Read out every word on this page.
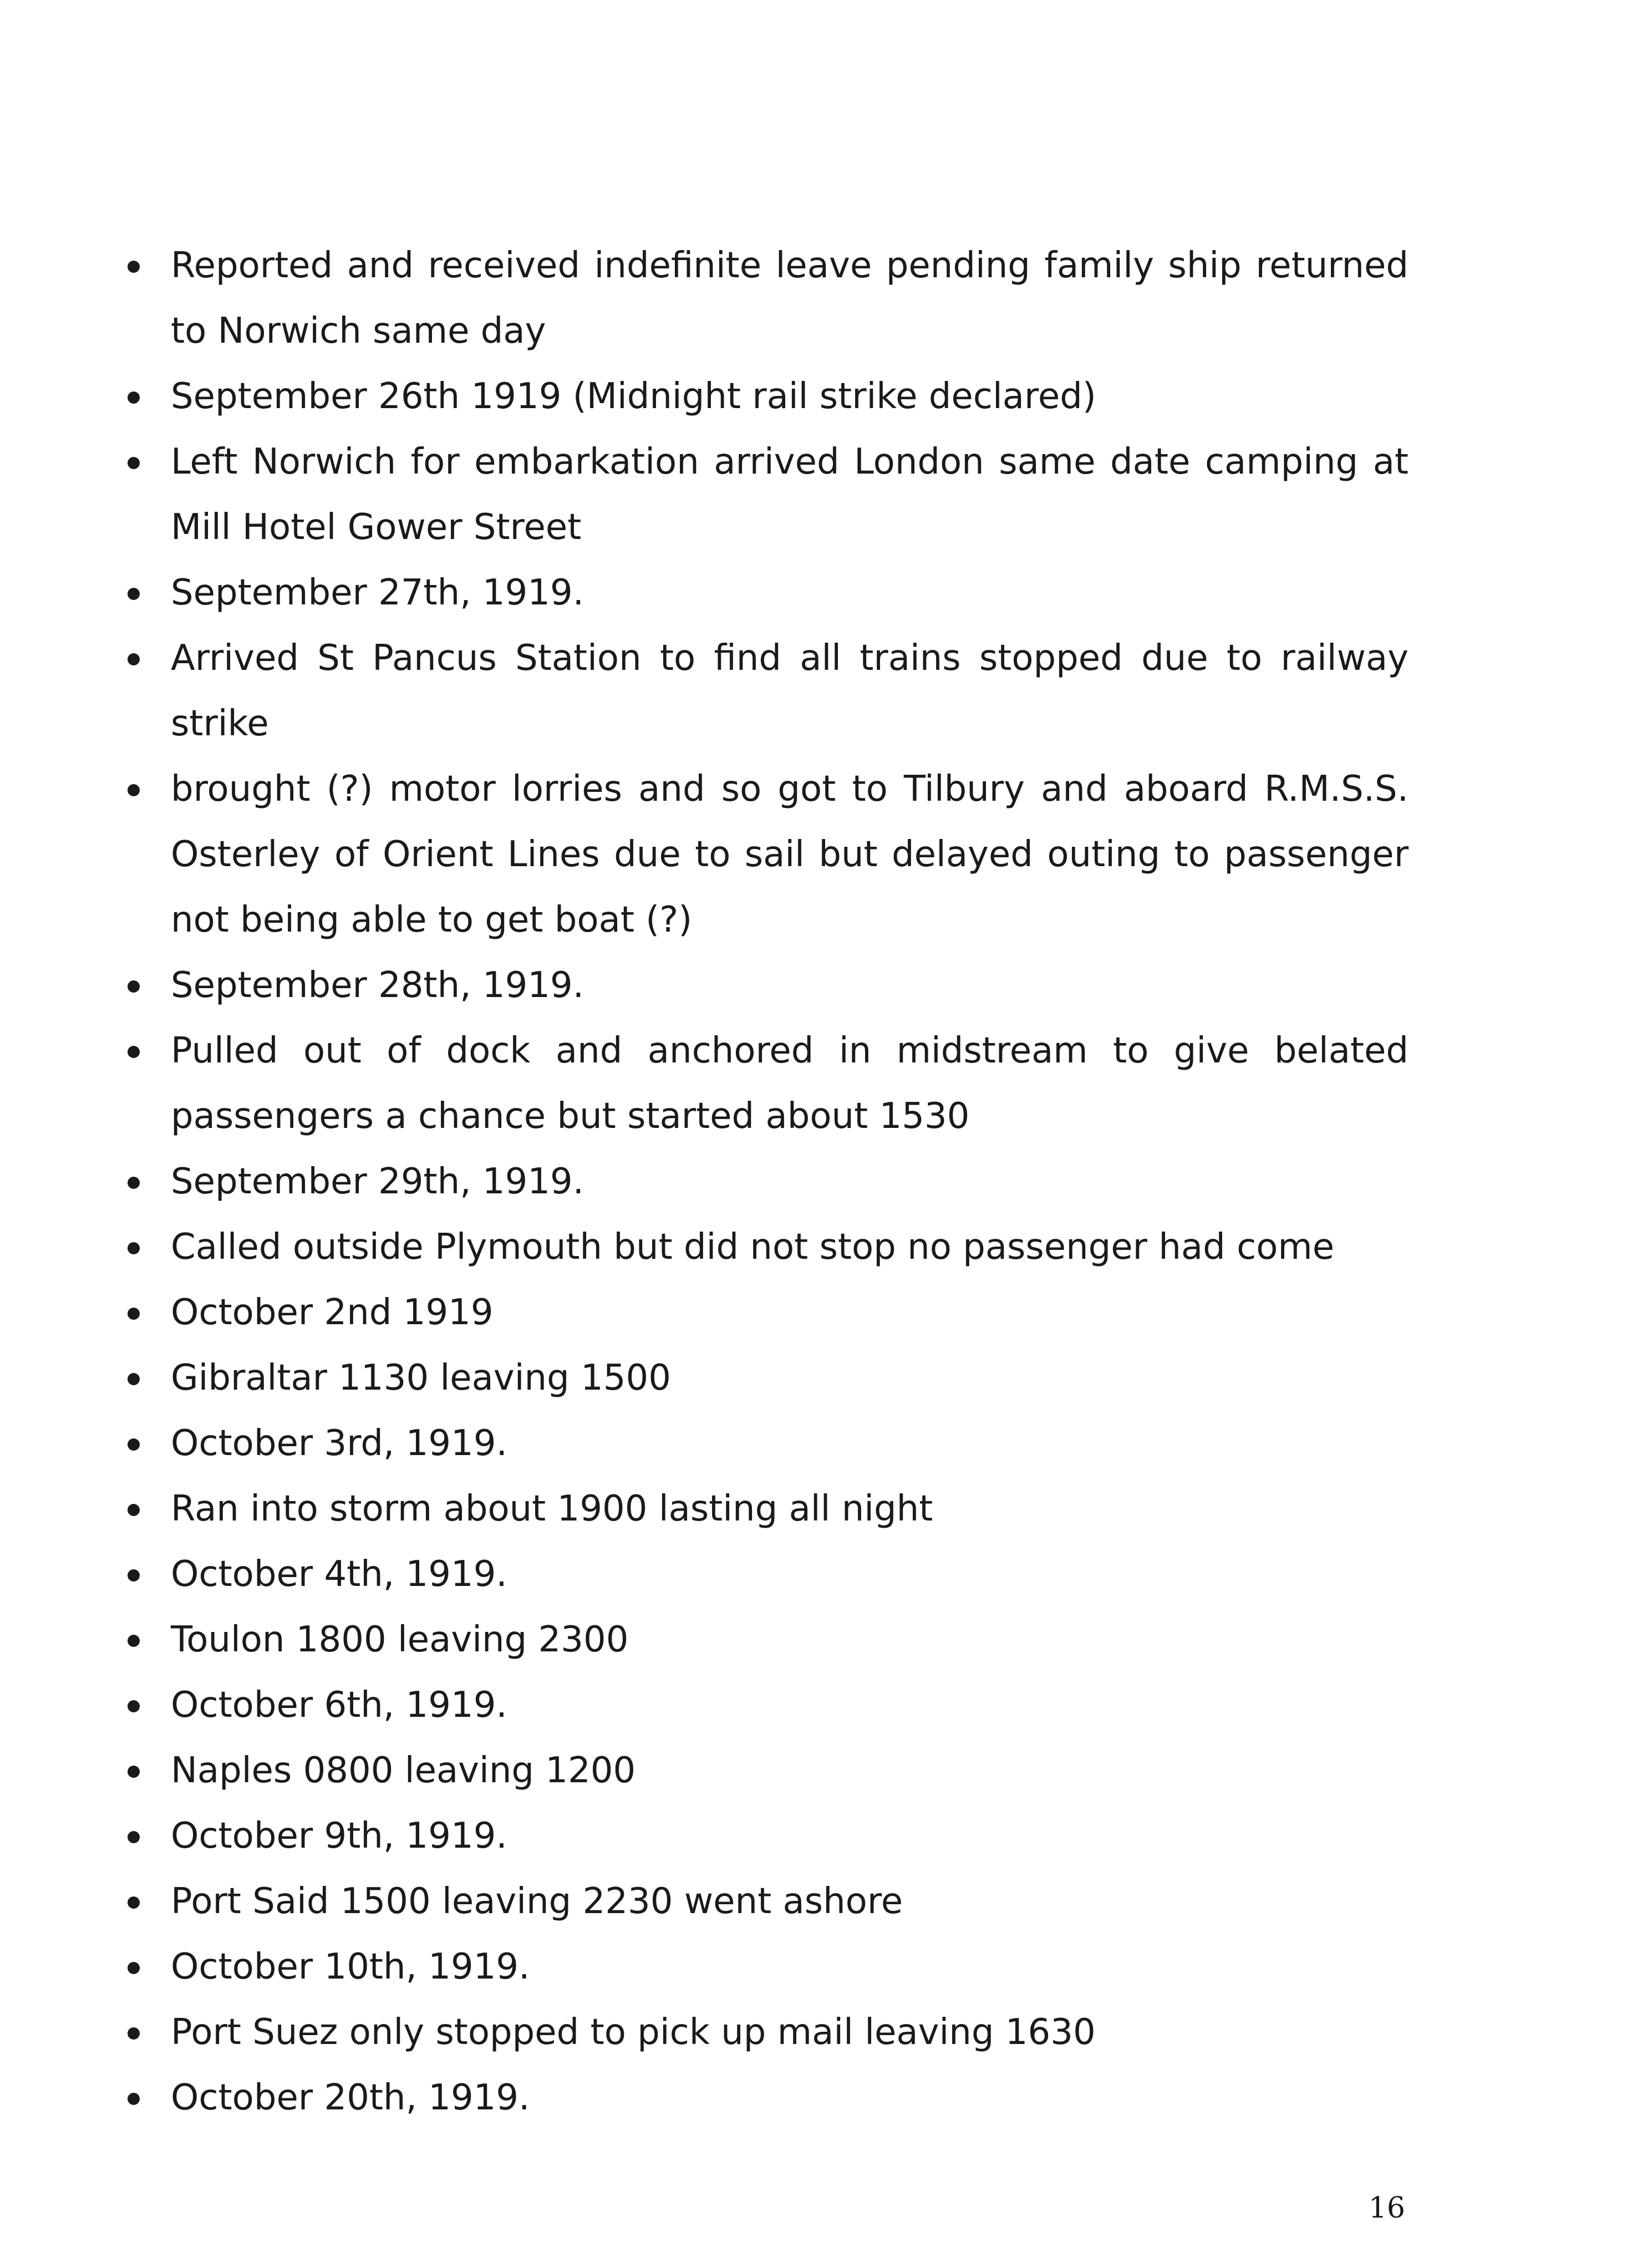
Reported and received indefinite leave pending family ship returned to Norwich same day
September 26th 1919 (Midnight rail strike declared)
Left Norwich for embarkation arrived London same date camping at Mill Hotel Gower Street
September 27th, 1919.
Arrived St Pancus Station to find all trains stopped due to railway strike
brought (?) motor lorries and so got to Tilbury and aboard R.M.S.S. Osterley of Orient Lines due to sail but delayed outing to passenger not being able to get boat (?)
September 28th, 1919.
Pulled out of dock and anchored in midstream to give belated passengers a chance but started about 1530
September 29th, 1919.
Called outside Plymouth but did not stop no passenger had come
October 2nd 1919
Gibraltar 1130 leaving 1500
October 3rd, 1919.
Ran into storm about 1900 lasting all night
October 4th, 1919.
Toulon 1800 leaving 2300
October 6th, 1919.
Naples 0800 leaving 1200
October 9th, 1919.
Port Said 1500 leaving 2230 went ashore
October 10th, 1919.
Port Suez only stopped to pick up mail leaving 1630
October 20th, 1919.
16
